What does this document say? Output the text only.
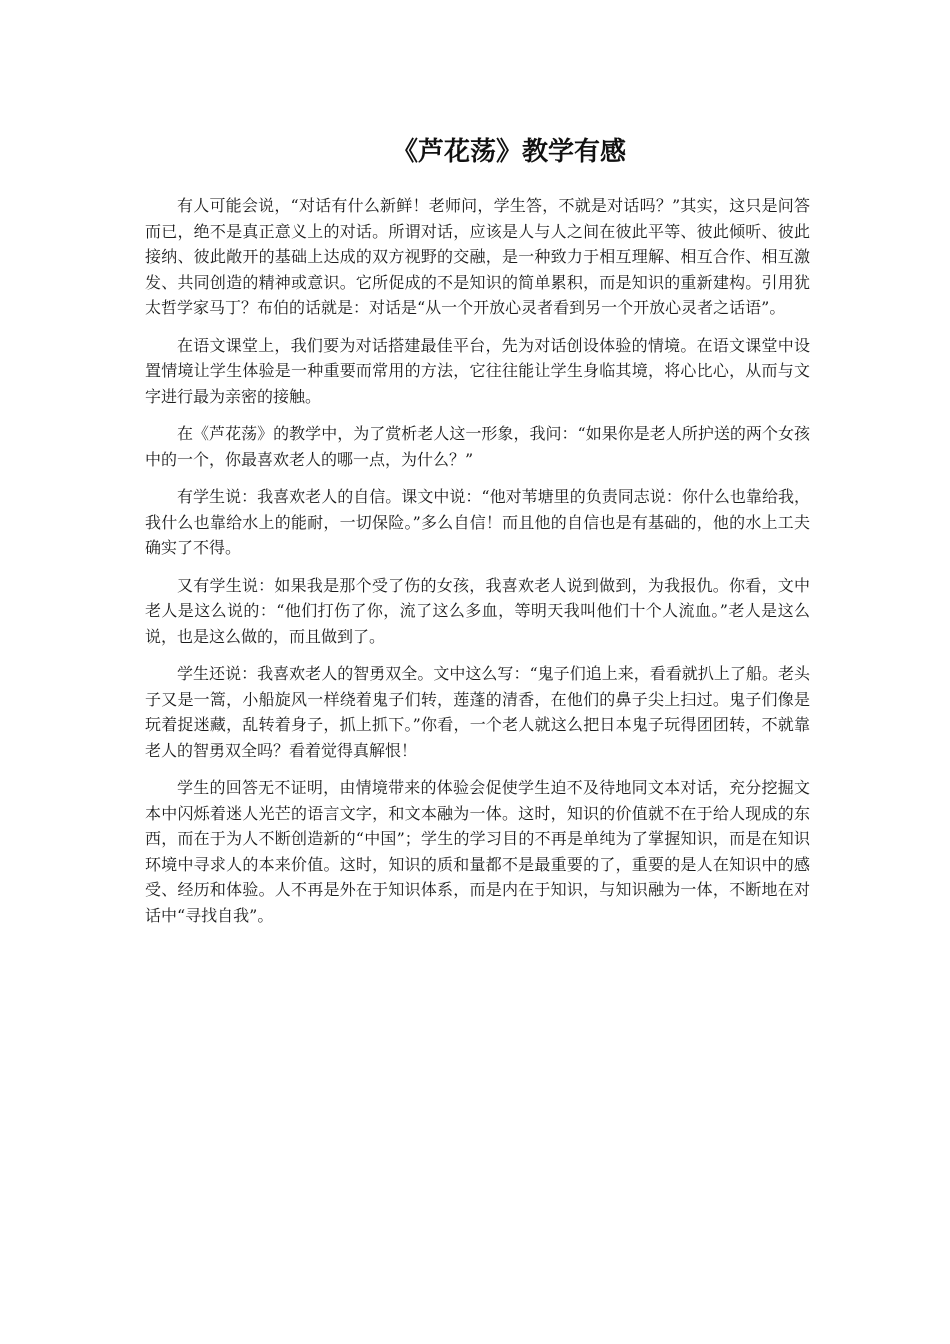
《芦花荡》教学有感

有人可能会说，“对话有什么新鲜！老师问，学生答，不就是对话吗？”其实，这只是问答而已，绝不是真正意义上的对话。所谓对话，应该是人与人之间在彼此平等、彼此倾听、彼此接纳、彼此敞开的基础上达成的双方视野的交融，是一种致力于相互理解、相互合作、相互激发、共同创造的精神或意识。它所促成的不是知识的简单累积，而是知识的重新建构。引用犹太哲学家马丁？布伯的话就是：对话是“从一个开放心灵者看到另一个开放心灵者之话语”。

在语文课堂上，我们要为对话搭建最佳平台，先为对话创设体验的情境。在语文课堂中设置情境让学生体验是一种重要而常用的方法，它往往能让学生身临其境，将心比心，从而与文字进行最为亲密的接触。

在《芦花荡》的教学中，为了赏析老人这一形象，我问：“如果你是老人所护送的两个女孩中的一个，你最喜欢老人的哪一点，为什么？”

有学生说：我喜欢老人的自信。课文中说：“他对苇塘里的负责同志说：你什么也靠给我，我什么也靠给水上的能耐，一切保险。”多么自信！而且他的自信也是有基础的，他的水上工夫确实了不得。

又有学生说：如果我是那个受了伤的女孩，我喜欢老人说到做到，为我报仇。你看，文中老人是这么说的：“他们打伤了你，流了这么多血，等明天我叫他们十个人流血。”老人是这么说，也是这么做的，而且做到了。

学生还说：我喜欢老人的智勇双全。文中这么写：“鬼子们追上来，看看就扒上了船。老头子又是一篙，小船旋风一样绕着鬼子们转，莲蓬的清香，在他们的鼻子尖上扫过。鬼子们像是玩着捉迷藏，乱转着身子，抓上抓下。”你看，一个老人就这么把日本鬼子玩得团团转，不就靠老人的智勇双全吗？看着觉得真解恨！

学生的回答无不证明，由情境带来的体验会促使学生迫不及待地同文本对话，充分挖掘文本中闪烁着迷人光芒的语言文字，和文本融为一体。这时，知识的价值就不在于给人现成的东西，而在于为人不断创造新的“中国”；学生的学习目的不再是单纯为了掌握知识，而是在知识环境中寻求人的本来价值。这时，知识的质和量都不是最重要的了，重要的是人在知识中的感受、经历和体验。人不再是外在于知识体系，而是内在于知识，与知识融为一体，不断地在对话中“寻找自我”。
